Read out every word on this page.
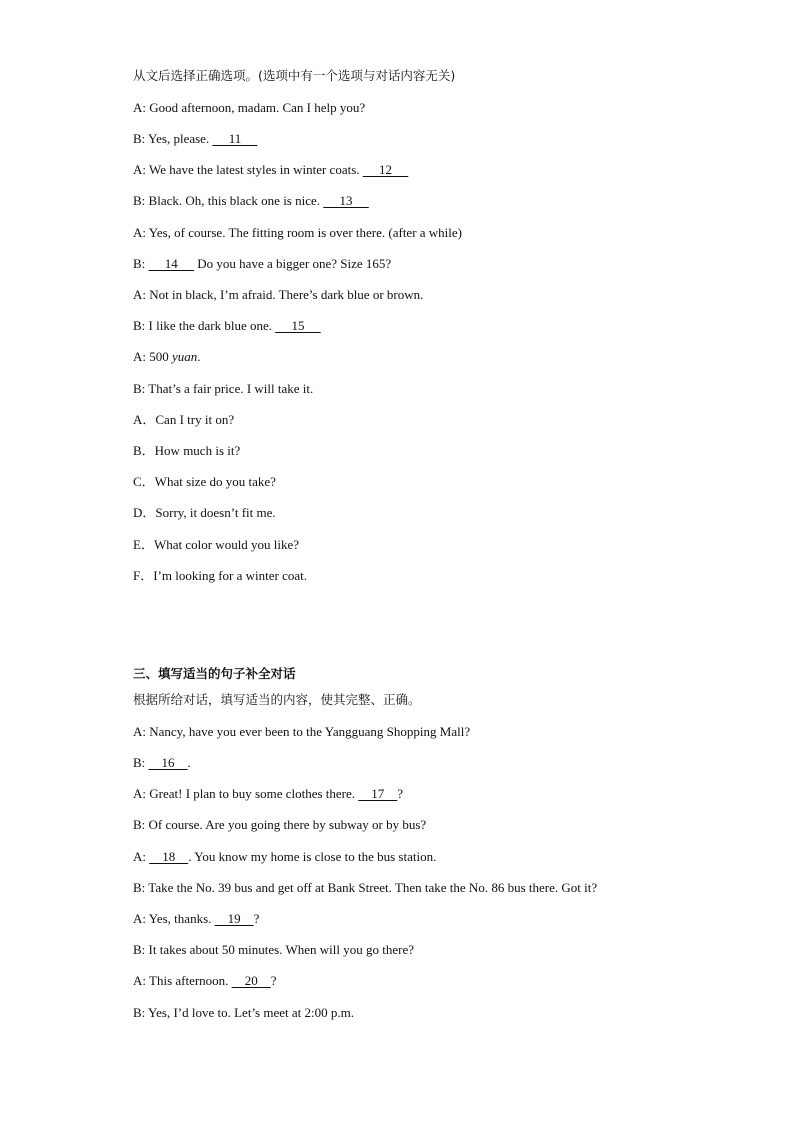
从文后选择正确选项。(选项中有一个选项与对话内容无关)
A: Good afternoon, madam. Can I help you?
B: Yes, please.      11
A: We have the latest styles in winter coats.      12
B: Black. Oh, this black one is nice.      13
A: Yes, of course. The fitting room is over there. (after a while)
B:      14      Do you have a bigger one? Size 165?
A: Not in black, I’m afraid. There’s dark blue or brown.
B: I like the dark blue one.      15
A: 500 yuan.
B: That’s a fair price. I will take it.
A．Can I try it on?
B．How much is it?
C．What size do you take?
D．Sorry, it doesn’t fit me.
E．What color would you like?
F．I’m looking for a winter coat.
三、填写适当的句子补全对话
根据所给对话，填写适当的内容，使其完整、正确。
A: Nancy, have you ever been to the Yangguang Shopping Mall?
B:     16    .
A: Great! I plan to buy some clothes there.     17    ?
B: Of course. Are you going there by subway or by bus?
A:     18    . You know my home is close to the bus station.
B: Take the No. 39 bus and get off at Bank Street. Then take the No. 86 bus there. Got it?
A: Yes, thanks.     19    ?
B: It takes about 50 minutes. When will you go there?
A: This afternoon.     20    ?
B: Yes, I’d love to. Let’s meet at 2:00 p.m.
